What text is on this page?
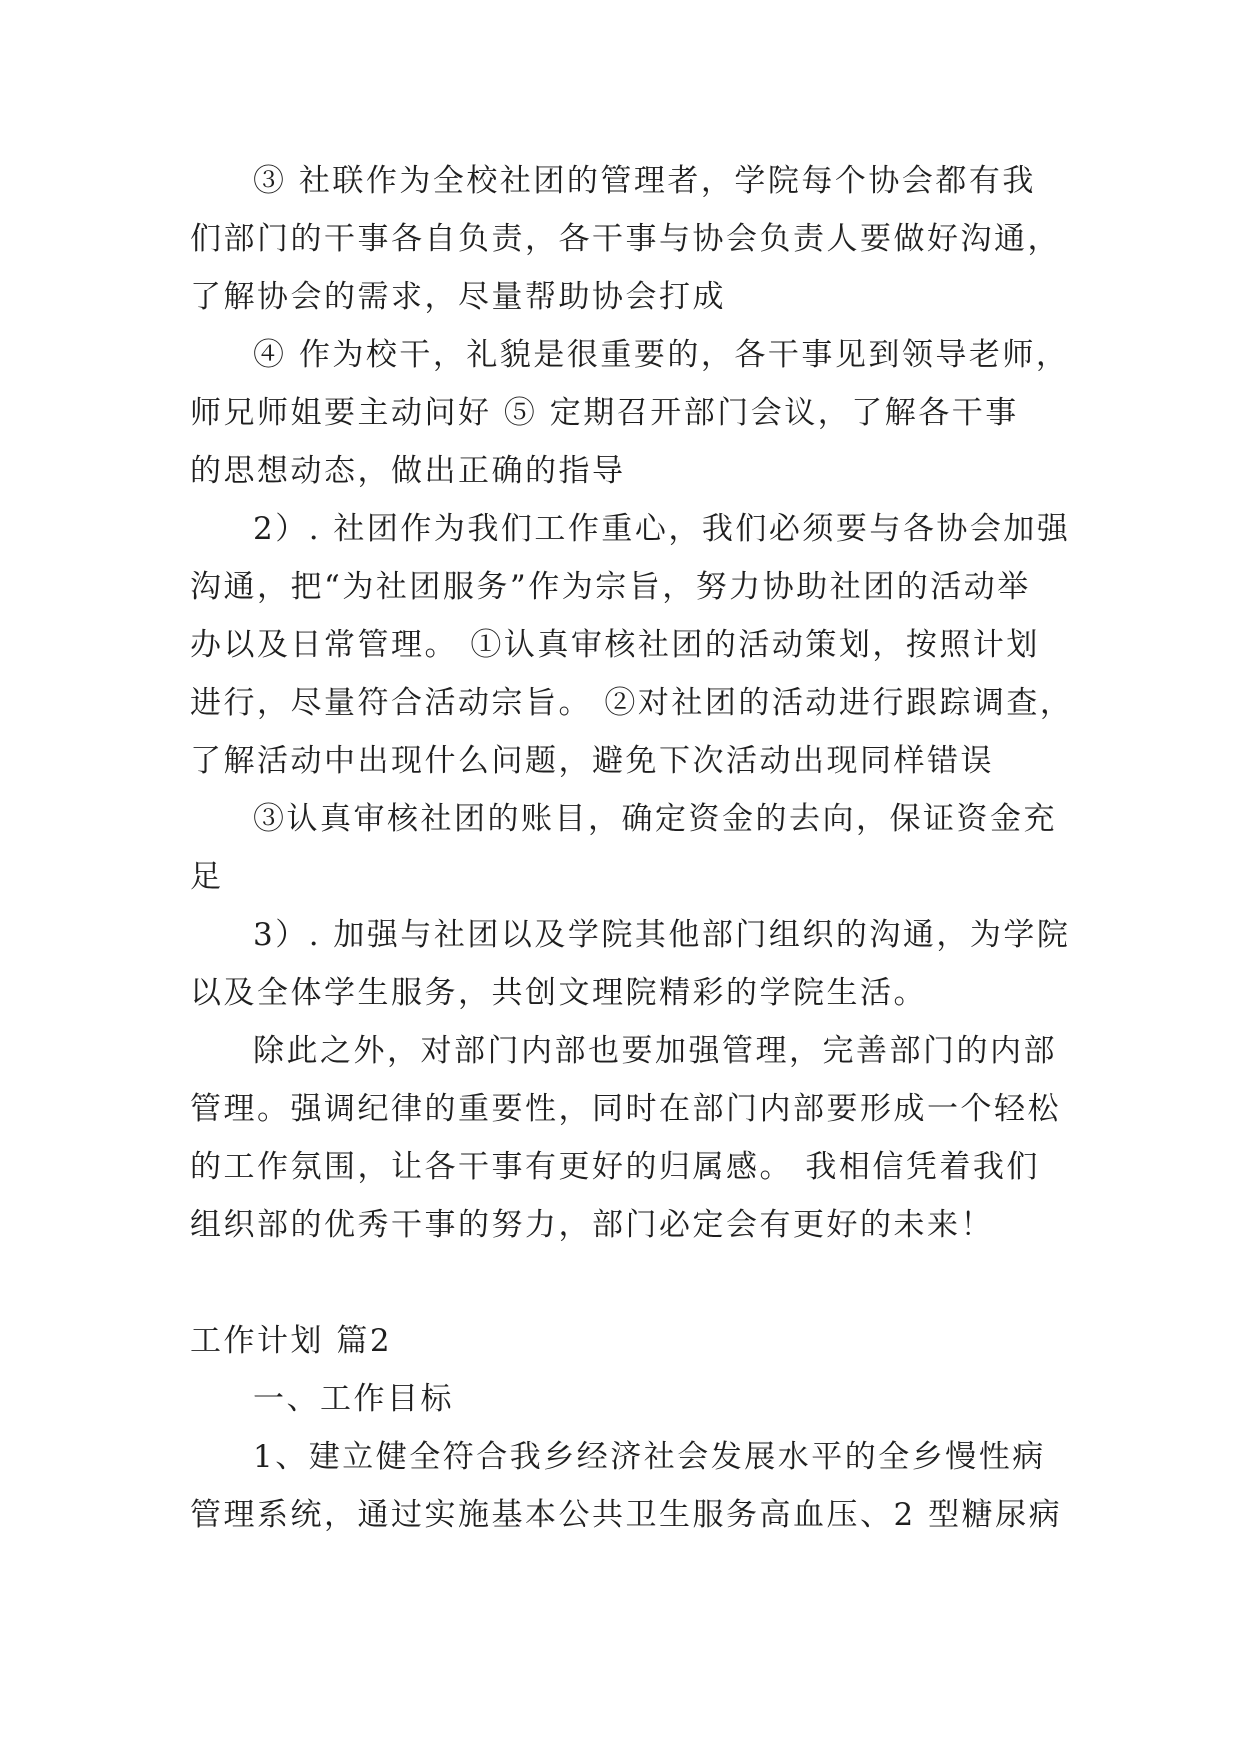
③ 社联作为全校社团的管理者，学院每个协会都有我
们部门的干事各自负责，各干事与协会负责人要做好沟通，
了解协会的需求，尽量帮助协会打成
④ 作为校干，礼貌是很重要的，各干事见到领导老师，
师兄师姐要主动问好 ⑤ 定期召开部门会议，了解各干事
的思想动态，做出正确的指导
2）. 社团作为我们工作重心，我们必须要与各协会加强
沟通，把“为社团服务”作为宗旨，努力协助社团的活动举
办以及日常管理。 ①认真审核社团的活动策划，按照计划
进行，尽量符合活动宗旨。 ②对社团的活动进行跟踪调查，
了解活动中出现什么问题，避免下次活动出现同样错误
③认真审核社团的账目，确定资金的去向，保证资金充
足
3）. 加强与社团以及学院其他部门组织的沟通，为学院
以及全体学生服务，共创文理院精彩的学院生活。
除此之外，对部门内部也要加强管理，完善部门的内部
管理。强调纪律的重要性，同时在部门内部要形成一个轻松
的工作氛围，让各干事有更好的归属感。 我相信凭着我们
组织部的优秀干事的努力，部门必定会有更好的未来！
工作计划 篇2
一、工作目标
1、建立健全符合我乡经济社会发展水平的全乡慢性病
管理系统，通过实施基本公共卫生服务高血压、2 型糖尿病
